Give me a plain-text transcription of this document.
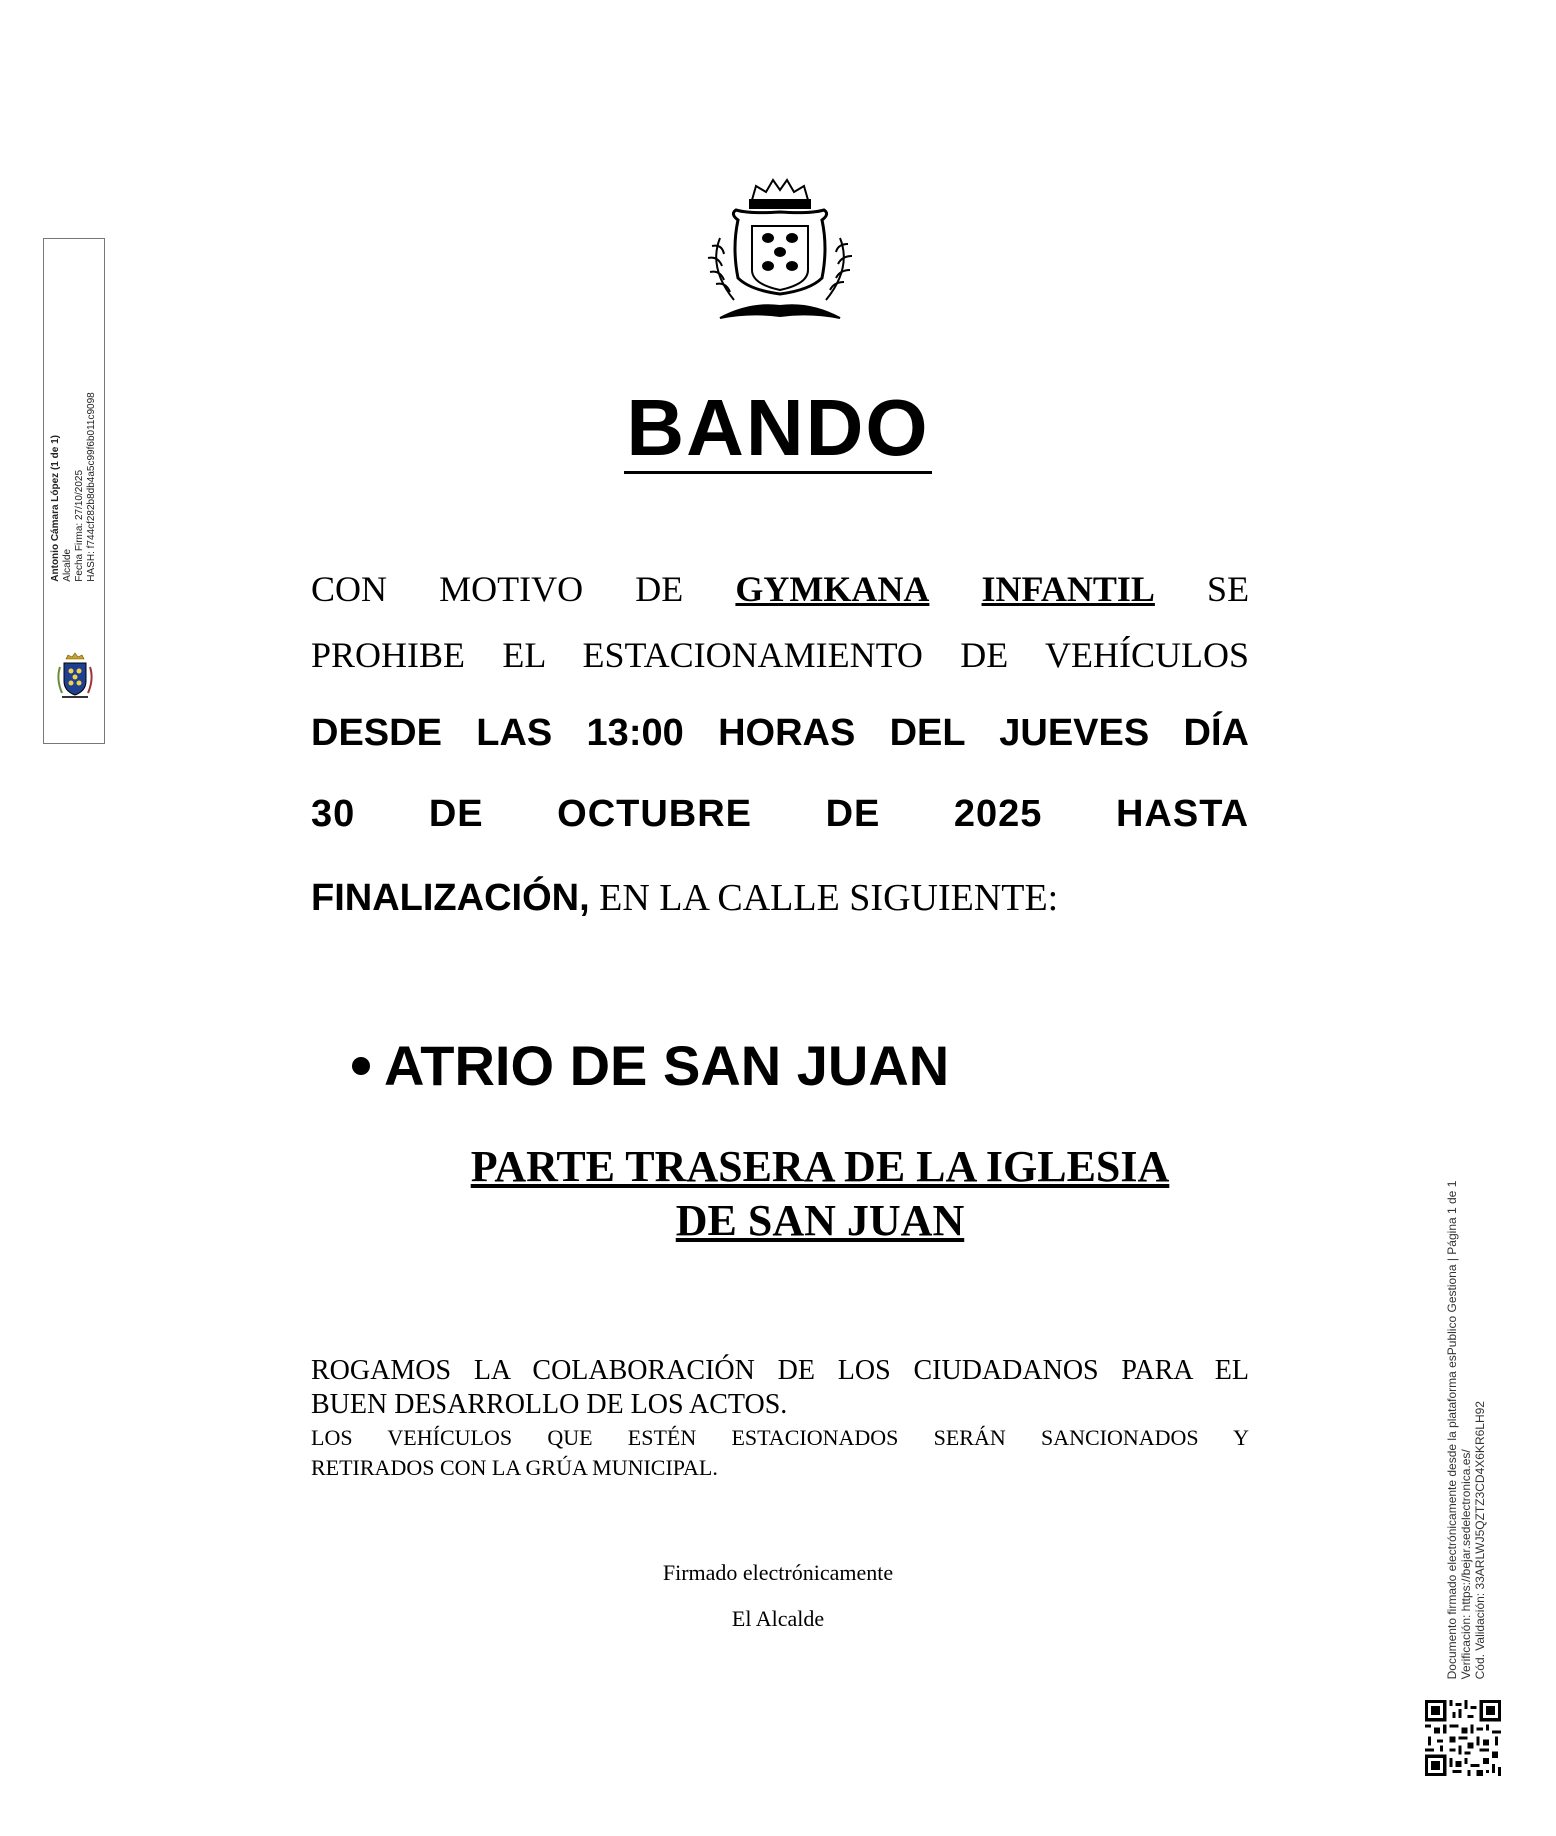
Antonio Cámara López (1 de 1) Alcalde Fecha Firma: 27/10/2025 HASH: f744cf282b8db4a5c99f6b011c9098	BANDO
CON MOTIVO DE GYMKANA INFANTIL SE
PROHIBE EL ESTACIONAMIENTO DE VEHÍCULOS
DESDE LAS 13:00 HORAS DEL JUEVES DÍA
30 DE OCTUBRE DE 2025 HASTA
FINALIZACIÓN, EN LA CALLE SIGUIENTE:
ATRIO DE SAN JUAN
PARTE TRASERA DE LA IGLESIA
DE SAN JUAN
ROGAMOS LA COLABORACIÓN DE LOS CIUDADANOS PARA EL
BUEN DESARROLLO DE LOS ACTOS.
LOS VEHÍCULOS QUE ESTÉN ESTACIONADOS SERÁN SANCIONADOS Y
RETIRADOS CON LA GRÚA MUNICIPAL.
Firmado electrónicamente
El Alcalde	Documento firmado electrónicamente desde la plataforma esPublico Gestiona | Página 1 de 1 Verificación: https://bejar.sedelectronica.es/ Cód. Validación: 33ARLWJ5QZTZ3CD4X6KR6LH92
